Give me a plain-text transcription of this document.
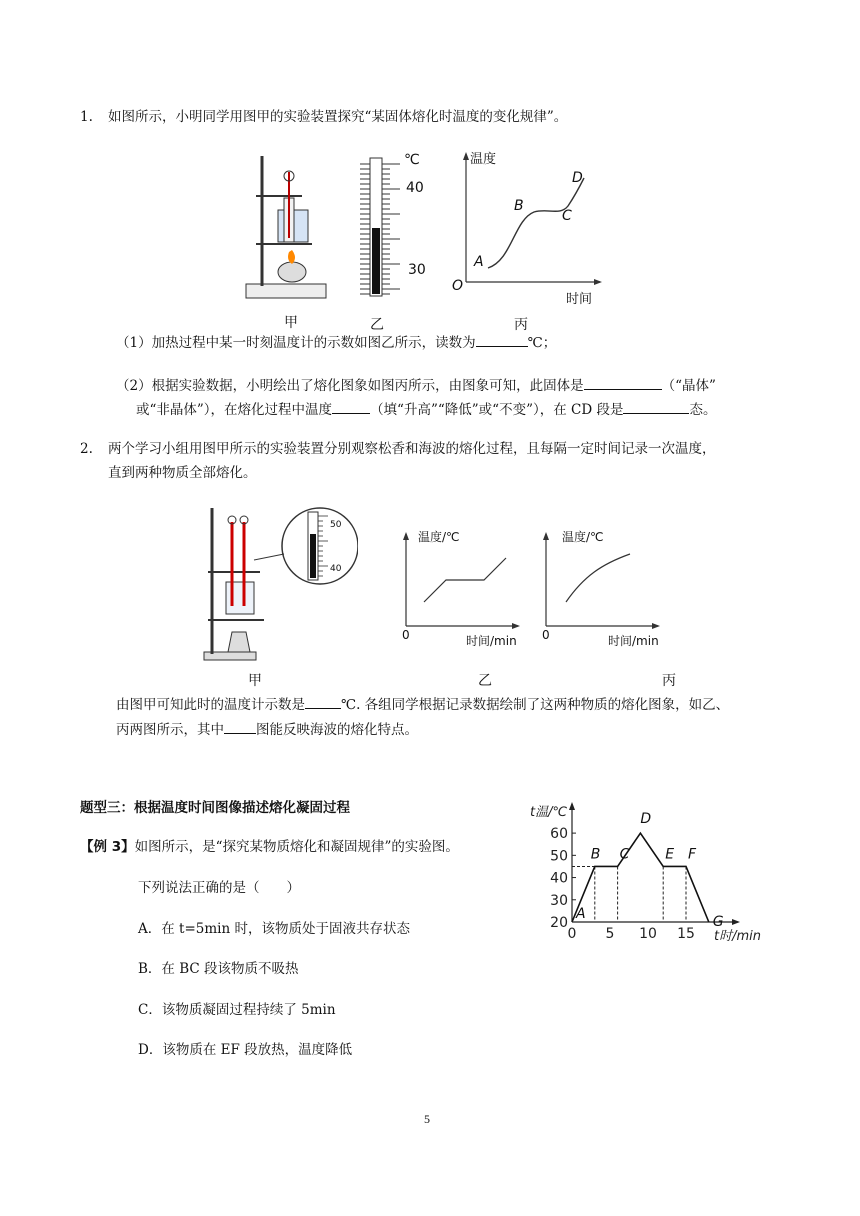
1. 如图所示，小明同学用图甲的实验装置探究“某固体熔化时温度的变化规律”。
℃
40
30
温度
时间
O
A
B
C
D
甲	乙	丙
（1）加热过程中某一时刻温度计的示数如图乙所示，读数为	℃；
（2）根据实验数据，小明绘出了熔化图象如图丙所示，由图象可知，此固体是	（“晶体”
或“非晶体”），在熔化过程中温度	（填“升高”“降低”或“不变”），在 CD 段是	态。
2. 两个学习小组用图甲所示的实验装置分别观察松香和海波的熔化过程，且每隔一定时间记录一次温度，
直到两种物质全部熔化。
50
40
温度/℃
时间/min
0
温度/℃
时间/min
0
甲	乙	丙
由图甲可知此时的温度计示数是	℃. 各组同学根据记录数据绘制了这两种物质的熔化图象，如乙、
丙两图所示，其中 图能反映海波的熔化特点。
题型三：根据温度时间图像描述熔化凝固过程
【例 3】如图所示，是“探究某物质熔化和凝固规律”的实验图。
下列说法正确的是（　　）
A．在 t=5min 时，该物质处于固液共存状态
B．在 BC 段该物质不吸热
C．该物质凝固过程持续了 5min
D．该物质在 EF 段放热，温度降低
A
B C
D
E F
G
20
30
40
50
60
0 5 10 15
t温/℃
t时/min
5
